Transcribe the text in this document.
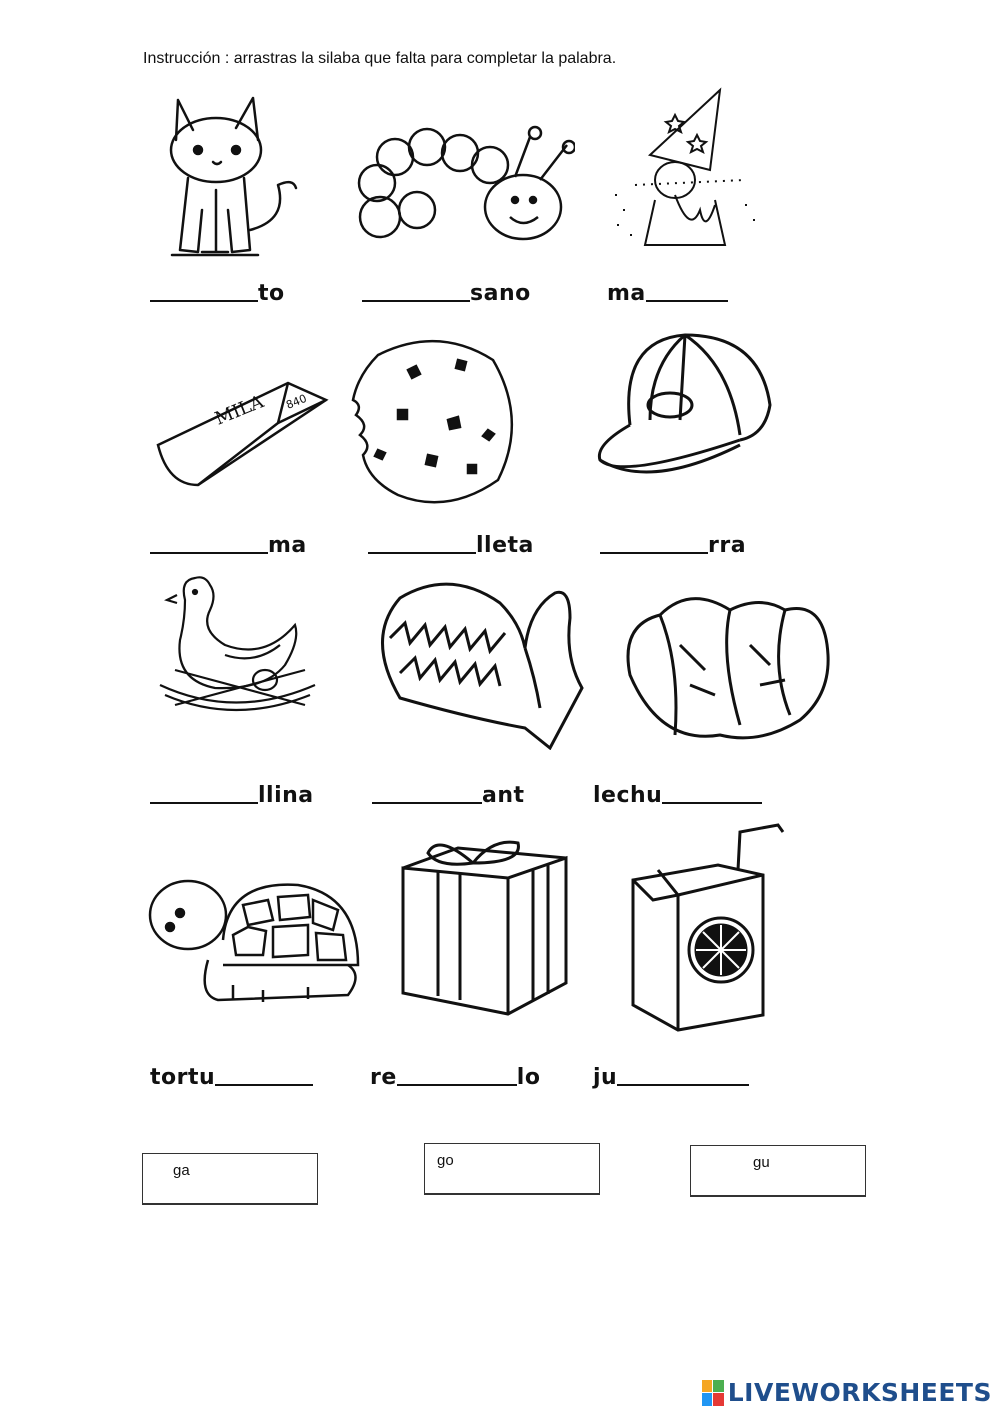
Instrucción : arrastras la silaba que falta para completar la palabra.
to	sano	ma
MILA 840
ma	lleta	rra
llina	ant	lechu
tortu	re	lo ju
ga
go	gu
LIVEWORKSHEETS
